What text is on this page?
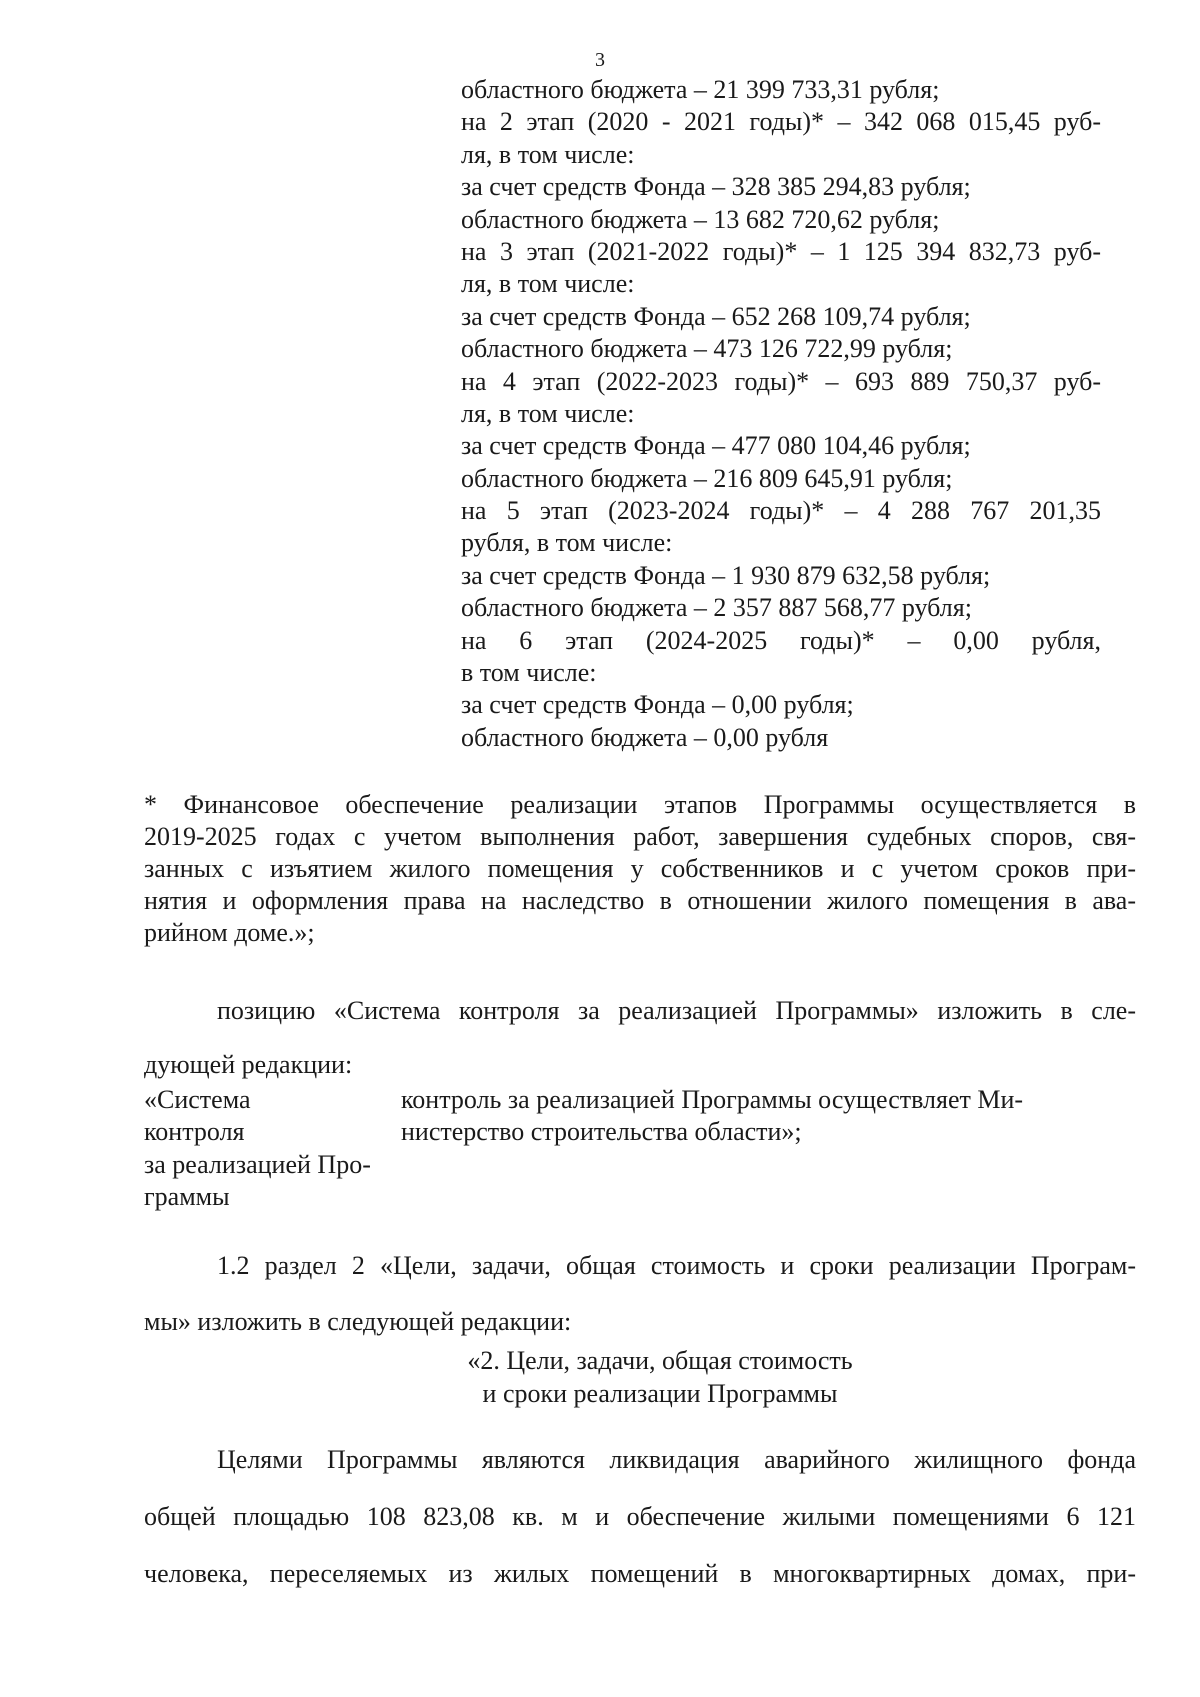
3
областного бюджета – 21 399 733,31 рубля;
на 2 этап (2020 - 2021 годы)* – 342 068 015,45 руб-
ля, в том числе:
за счет средств Фонда – 328 385 294,83 рубля;
областного бюджета – 13 682 720,62 рубля;
на 3 этап (2021-2022 годы)* – 1 125 394 832,73 руб-
ля, в том числе:
за счет средств Фонда – 652 268 109,74 рубля;
областного бюджета – 473 126 722,99 рубля;
на 4 этап (2022-2023 годы)* – 693 889 750,37 руб-
ля, в том числе:
за счет средств Фонда – 477 080 104,46 рубля;
областного бюджета – 216 809 645,91 рубля;
на 5 этап (2023-2024 годы)* – 4 288 767 201,35
рубля, в том числе:
за счет средств Фонда – 1 930 879 632,58 рубля;
областного бюджета – 2 357 887 568,77 рубля;
на 6 этап (2024-2025 годы)* – 0,00 рубля,
в том числе:
за счет средств Фонда – 0,00 рубля;
областного бюджета – 0,00 рубля
* Финансовое обеспечение реализации этапов Программы осуществляется в
2019-2025 годах с учетом выполнения работ, завершения судебных споров, свя-
занных с изъятием жилого помещения у собственников и с учетом сроков при-
нятия и оформления права на наследство в отношении жилого помещения в ава-
рийном доме.»;
позицию «Система контроля за реализацией Программы» изложить в сле-
дующей редакции:
«Система
контроля
за реализацией Про-
граммы
контроль за реализацией Программы осуществляет Ми-
нистерство строительства области»;
1.2 раздел 2 «Цели, задачи, общая стоимость и сроки реализации Програм-
мы» изложить в следующей редакции:
«2. Цели, задачи, общая стоимость
и сроки реализации Программы
Целями Программы являются ликвидация аварийного жилищного фонда
общей площадью 108 823,08 кв. м и обеспечение жилыми помещениями 6 121
человека, переселяемых из жилых помещений в многоквартирных домах, при-
